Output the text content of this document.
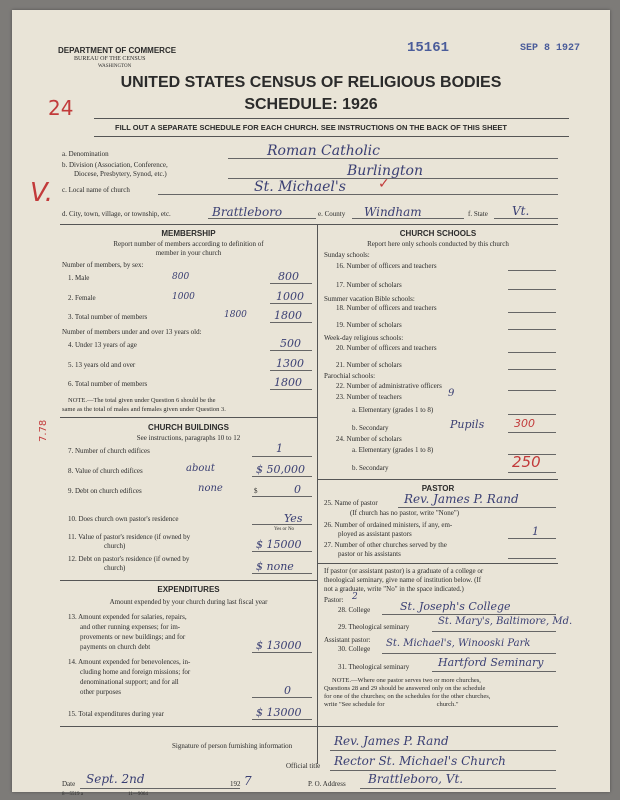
DEPARTMENT OF COMMERCE
BUREAU OF THE CENSUS
WASHINGTON
15161	SEP 8 1927
24
UNITED STATES CENSUS OF RELIGIOUS BODIES
SCHEDULE: 1926
FILL OUT A SEPARATE SCHEDULE FOR EACH CHURCH. SEE INSTRUCTIONS ON THE BACK OF THIS SHEET
a. Denomination	Roman Catholic
b. Division (Association, Conference,
Diocese, Presbytery, Synod, etc.)	Burlington
c. Local name of church	St. Michael's ✓
V.
d. City, town, village, or township, etc.	Brattleboro	e. County Windham	f. State Vt.
MEMBERSHIP
Report number of members according to definition of
member in your church
Number of members, by sex:
1. Male	800	800
2. Female	1000	1000
3. Total number of members	1800 1800
Number of members under and over 13 years old:
4. Under 13 years of age	500
5. 13 years old and over	1300
6. Total number of members	1800
NOTE.—The total given under Question 6 should be the
same as the total of males and females given under Question 3.
CHURCH BUILDINGS
See instructions, paragraphs 10 to 12
7.78
7. Number of church edifices	1
8. Value of church edifices	about	$ 50,000
9. Debt on church edifices	none	$	0
10. Does church own pastor's residence	Yes
Yes or No
11. Value of pastor's residence (if owned by
church)	$ 15000
12. Debt on pastor's residence (if owned by
church)	$ none
EXPENDITURES
Amount expended by your church during last fiscal year
13. Amount expended for salaries, repairs,
and other running expenses; for im-
provements or new buildings; and for
payments on church debt	$ 13000
14. Amount expended for benevolences, in-
cluding home and foreign missions; for
denominational support; and for all
other purposes	0
15. Total expenditures during year	$ 13000
CHURCH SCHOOLS
Report here only schools conducted by this church
Sunday schools:
16. Number of officers and teachers
17. Number of scholars
Summer vacation Bible schools:
18. Number of officers and teachers
19. Number of scholars
Week-day religious schools:
20. Number of officers and teachers
21. Number of scholars
Parochial schools:
22. Number of administrative officers
23. Number of teachers	9
a. Elementary (grades 1 to 8)
b. Secondary	Pupils	300
24. Number of scholars
a. Elementary (grades 1 to 8)
b. Secondary	250
PASTOR
25. Name of pastor Rev. James P. Rand
(If church has no pastor, write "None")
26. Number of ordained ministers, if any, em-
ployed as assistant pastors	1
27. Number of other churches served by the
pastor or his assistants
If pastor (or assistant pastor) is a graduate of a college or
theological seminary, give name of institution below. (If
not a graduate, write "No" in the space indicated.)
Pastor: 2
28. College	St. Joseph's College
29. Theological seminary	St. Mary's, Baltimore, Md.
Assistant pastor:
30. College St. Michael's, Winooski Park
31. Theological seminary	Hartford Seminary
NOTE.—Where one pastor serves two or more churches,
Questions 28 and 29 should be answered only on the schedule
for one of the churches; on the schedules for the other churches,
write "See schedule for                                church."
Signature of person furnishing information	Rev. James P. Rand
Official title Rector St. Michael's Church
Date Sept. 2nd	192 7	P. O. Address Brattleboro, Vt.
8—5519 a	11—9064
